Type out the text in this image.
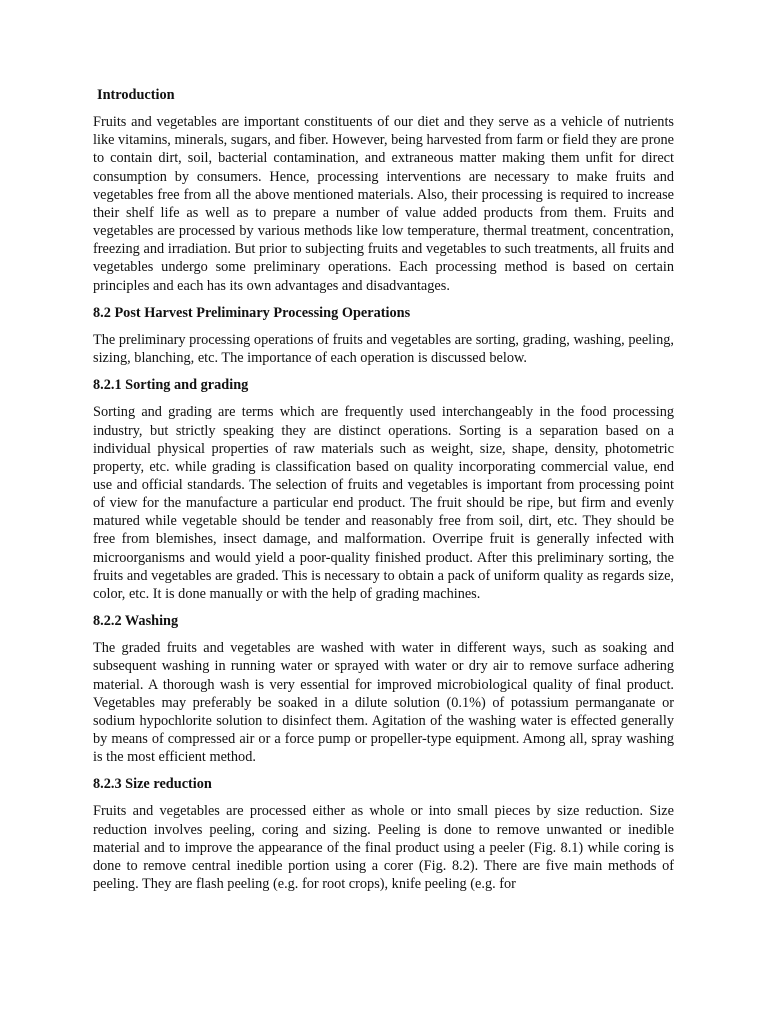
Introduction

Fruits and vegetables are important constituents of our diet and they serve as a vehicle of nutrients like vitamins, minerals, sugars, and fiber. However, being harvested from farm or field they are prone to contain dirt, soil, bacterial contamination, and extraneous matter making them unfit for direct consumption by consumers. Hence, processing interventions are necessary to make fruits and vegetables free from all the above mentioned materials. Also, their processing is required to increase their shelf life as well as to prepare a number of value added products from them. Fruits and vegetables are processed by various methods like low temperature, thermal treatment, concentration, freezing and irradiation. But prior to subjecting fruits and vegetables to such treatments, all fruits and vegetables undergo some preliminary operations. Each processing method is based on certain principles and each has its own advantages and disadvantages.

8.2 Post Harvest Preliminary Processing Operations

The preliminary processing operations of fruits and vegetables are sorting, grading, washing, peeling, sizing, blanching, etc. The importance of each operation is discussed below.

8.2.1 Sorting and grading

Sorting and grading are terms which are frequently used interchangeably in the food processing industry, but strictly speaking they are distinct operations. Sorting is a separation based on a individual physical properties of raw materials such as weight, size, shape, density, photometric property, etc. while grading is classification based on quality incorporating commercial value, end use and official standards. The selection of fruits and vegetables is important from processing point of view for the manufacture a particular end product. The fruit should be ripe, but firm and evenly matured while vegetable should be tender and reasonably free from soil, dirt, etc. They should be free from blemishes, insect damage, and malformation. Overripe fruit is generally infected with microorganisms and would yield a poor-quality finished product. After this preliminary sorting, the fruits and vegetables are graded. This is necessary to obtain a pack of uniform quality as regards size, color, etc. It is done manually or with the help of grading machines.

8.2.2 Washing

The graded fruits and vegetables are washed with water in different ways, such as soaking and subsequent washing in running water or sprayed with water or dry air to remove surface adhering material. A thorough wash is very essential for improved microbiological quality of final product. Vegetables may preferably be soaked in a dilute solution (0.1%) of potassium permanganate or sodium hypochlorite solution to disinfect them. Agitation of the washing water is effected generally by means of compressed air or a force pump or propeller-type equipment. Among all, spray washing is the most efficient method.

8.2.3 Size reduction

Fruits and vegetables are processed either as whole or into small pieces by size reduction. Size reduction involves peeling, coring and sizing. Peeling is done to remove unwanted or inedible material and to improve the appearance of the final product using a peeler (Fig. 8.1) while coring is done to remove central inedible portion using a corer (Fig. 8.2). There are five main methods of peeling. They are flash peeling (e.g. for root crops), knife peeling (e.g. for
